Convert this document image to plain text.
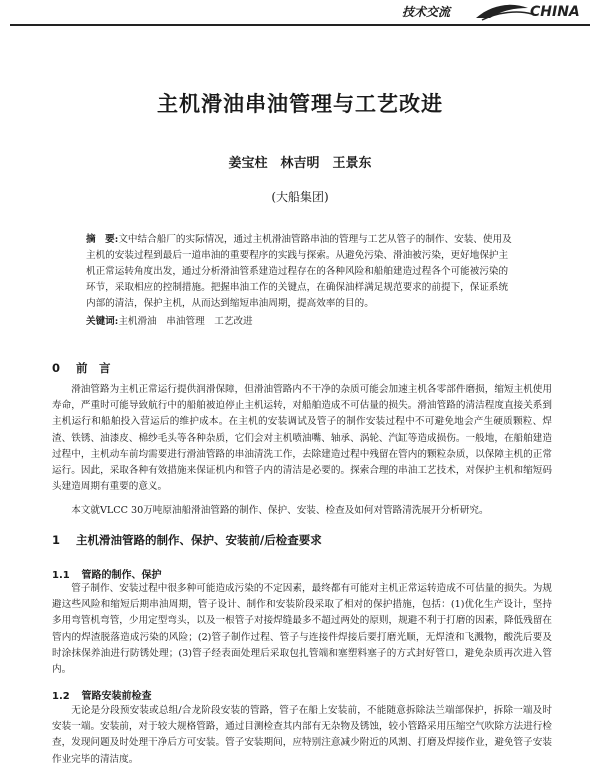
技术交流	CHINA
主机滑油串油管理与工艺改进
姜宝柱　林吉明　王景东
(大船集团)
摘　要:文中结合船厂的实际情况，通过主机滑油管路串油的管理与工艺从管子的制作、安装、使用及主机的安装过程到最后一道串油的重要程序的实践与探索。从避免污染、滑油被污染，更好地保护主机正常运转角度出发，通过分析滑油管系建造过程存在的各种风险和船舶建造过程各个可能被污染的环节，采取相应的控制措施。把握串油工作的关键点，在确保油样满足规范要求的前提下，保证系统内部的清洁，保护主机，从而达到缩短串油周期，提高效率的目的。
关键词:主机滑油　串油管理　工艺改进
0 前　言

滑油管路为主机正常运行提供润滑保障，但滑油管路内不干净的杂质可能会加速主机各零部件磨损，缩短主机使用寿命，严重时可能导致航行中的船舶被迫停止主机运转，对船舶造成不可估量的损失。滑油管路的清洁程度直接关系到主机运行和船舶投入营运后的维护成本。在主机的安装调试及管子的制作安装过程中不可避免地会产生硬质颗粒、焊渣、铁锈、油漆皮、棉纱毛头等各种杂质，它们会对主机喷油嘴、轴承、涡轮、汽缸等造成损伤。一般地，在船舶建造过程中，主机动车前均需要进行滑油管路的串油清洗工作，去除建造过程中残留在管内的颗粒杂质，以保障主机的正常运行。因此，采取各种有效措施来保证机内和管子内的清洁是必要的。探索合理的串油工艺技术，对保护主机和缩短码头建造周期有重要的意义。

本文就VLCC 30万吨原油船滑油管路的制作、保护、安装、检查及如何对管路清洗展开分析研究。

1 主机滑油管路的制作、保护、安装前/后检查要求
1.1 管路的制作、保护

管子制作、安装过程中很多种可能造成污染的不定因素，最终都有可能对主机正常运转造成不可估量的损失。为规避这些风险和缩短后期串油周期，管子设计、制作和安装阶段采取了相对的保护措施，包括：(1)优化生产设计，坚持多用弯管机弯管，少用定型弯头，以及一根管子对接焊缝最多不超过两处的原则，规避不利于打磨的因素，降低残留在管内的焊渣脱落造成污染的风险；(2)管子制作过程、管子与连接件焊接后要打磨光顺，无焊渣和飞溅物，酸洗后要及时涂抹保养油进行防锈处理；(3)管子经表面处理后采取包扎管端和塞塑料塞子的方式封好管口，避免杂质再次进入管内。

1.2 管路安装前检查

无论是分段预安装或总组/合龙阶段安装的管路，管子在船上安装前，不能随意拆除法兰端部保护，拆除一端及时安装一端。安装前，对于较大规格管路，通过目测检查其内部有无杂物及锈蚀，较小管路采用压缩空气吹除方法进行检查，发现问题及时处理干净后方可安装。管子安装期间，应特别注意减少附近的风割、打磨及焊接作业，避免管子安装作业完毕的清洁度。
